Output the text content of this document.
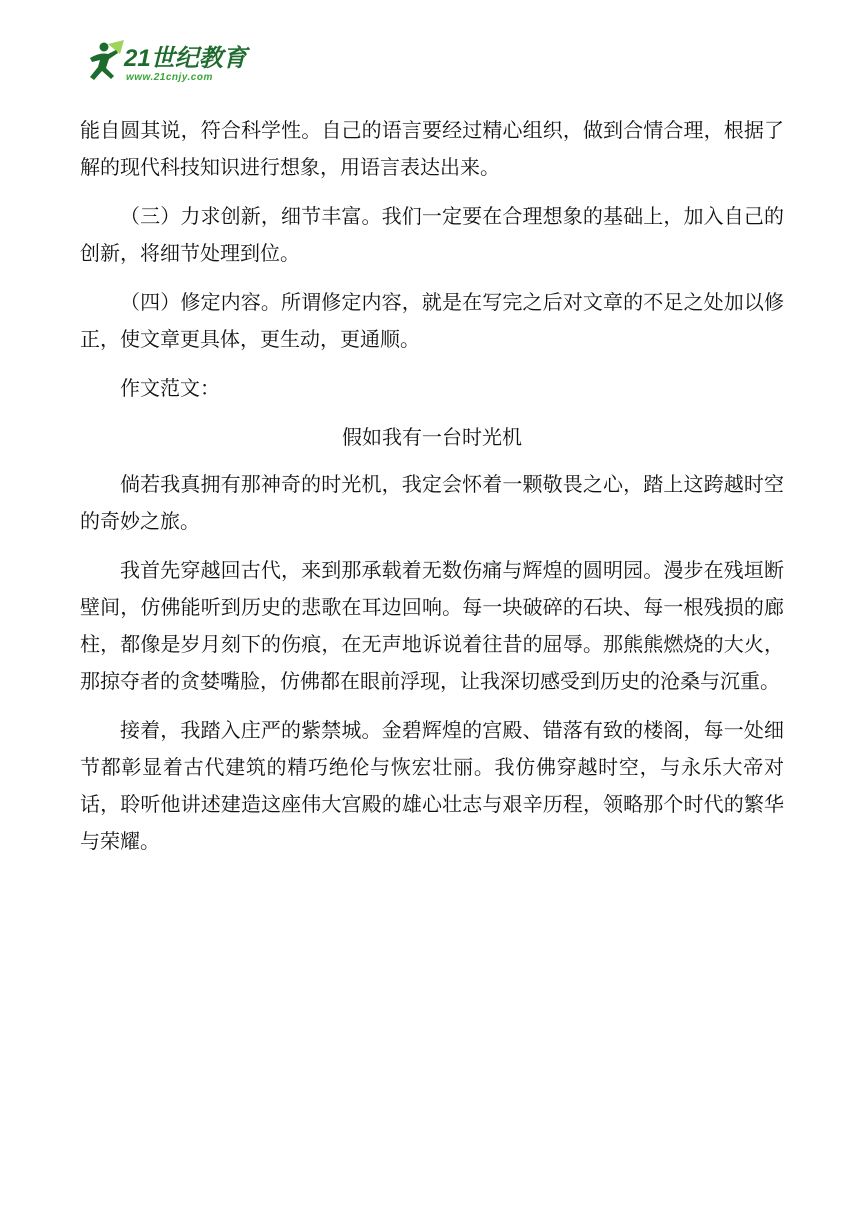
21世纪教育
www.21cnjy.com

能自圆其说，符合科学性。自己的语言要经过精心组织，做到合情合理，根据了解的现代科技知识进行想象，用语言表达出来。

（三）力求创新，细节丰富。我们一定要在合理想象的基础上，加入自己的创新，将细节处理到位。

（四）修定内容。所谓修定内容，就是在写完之后对文章的不足之处加以修正，使文章更具体，更生动，更通顺。

作文范文：

假如我有一台时光机

倘若我真拥有那神奇的时光机，我定会怀着一颗敬畏之心，踏上这跨越时空的奇妙之旅。

我首先穿越回古代，来到那承载着无数伤痛与辉煌的圆明园。漫步在残垣断壁间，仿佛能听到历史的悲歌在耳边回响。每一块破碎的石块、每一根残损的廊柱，都像是岁月刻下的伤痕，在无声地诉说着往昔的屈辱。那熊熊燃烧的大火，那掠夺者的贪婪嘴脸，仿佛都在眼前浮现，让我深切感受到历史的沧桑与沉重。

接着，我踏入庄严的紫禁城。金碧辉煌的宫殿、错落有致的楼阁，每一处细节都彰显着古代建筑的精巧绝伦与恢宏壮丽。我仿佛穿越时空，与永乐大帝对话，聆听他讲述建造这座伟大宫殿的雄心壮志与艰辛历程，领略那个时代的繁华与荣耀。
